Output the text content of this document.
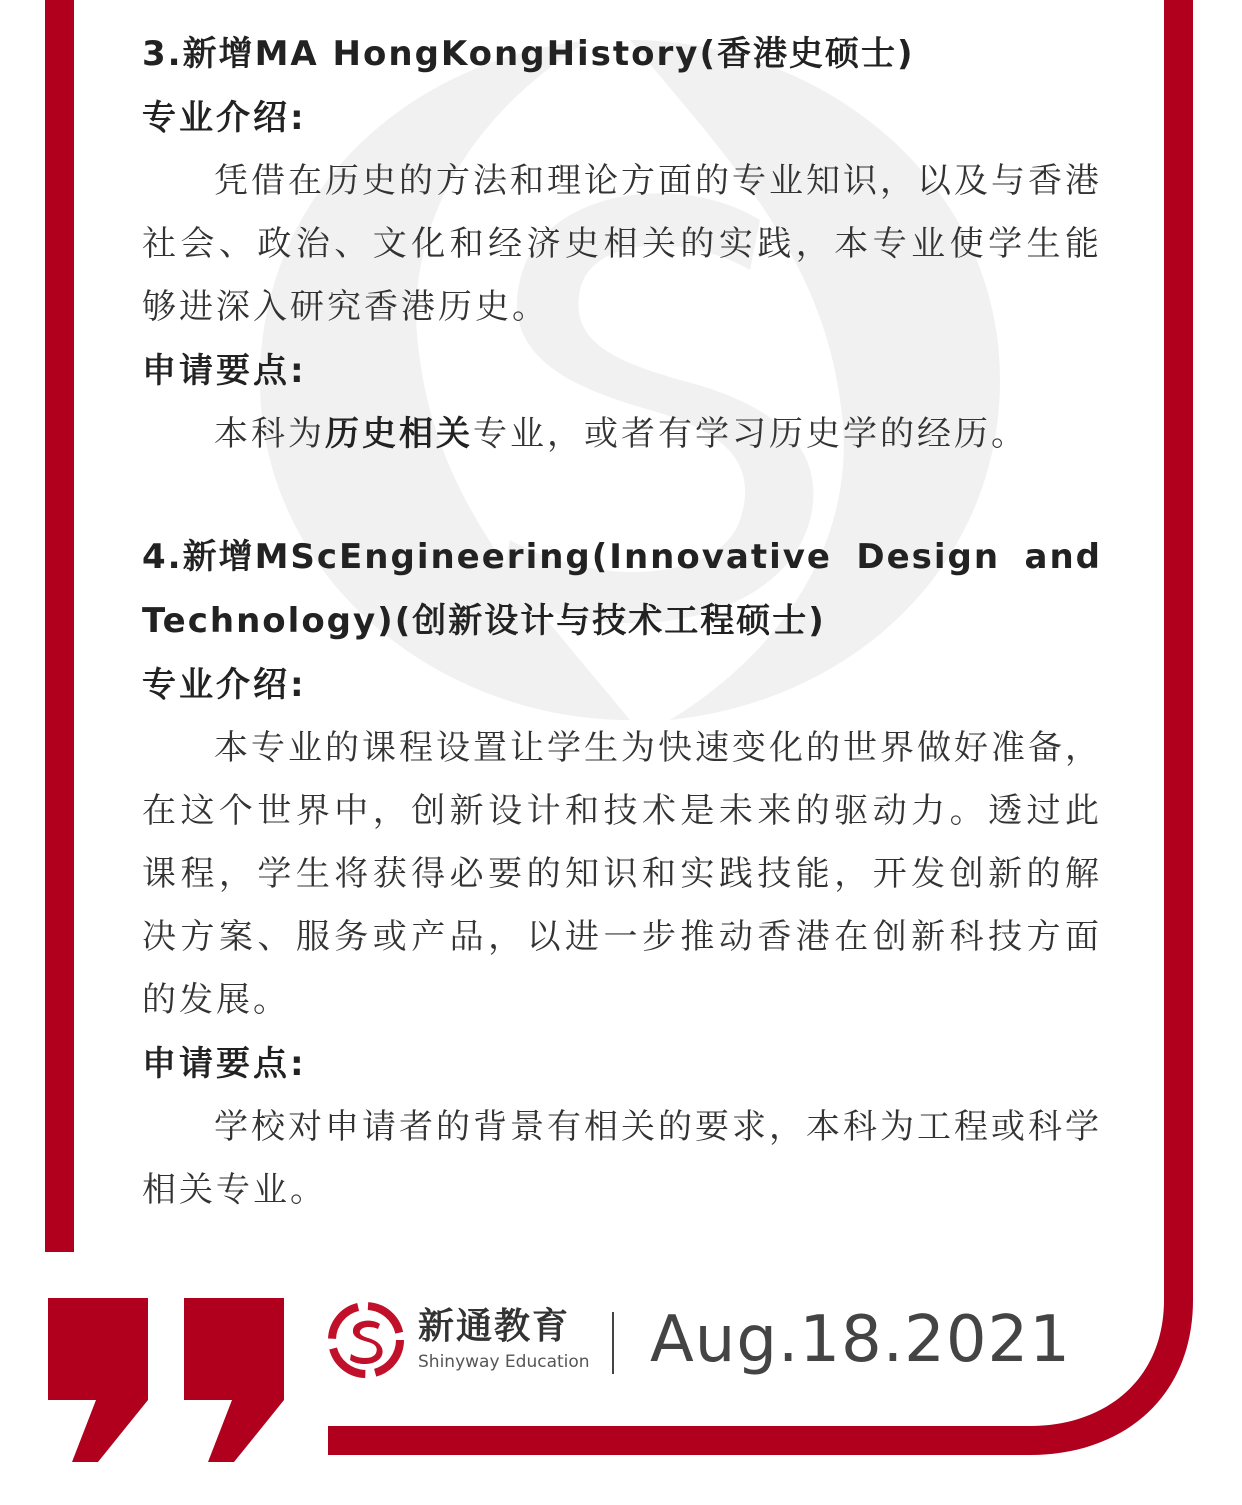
3.新增MA HongKongHistory(香港史硕士)

专业介绍:

凭借在历史的方法和理论方面的专业知识，以及与香港社会、政治、文化和经济史相关的实践，本专业使学生能够进深入研究香港历史。

申请要点:

本科为历史相关专业，或者有学习历史学的经历。

4.新增MScEngineering(Innovative Design and

Technology)(创新设计与技术工程硕士)

专业介绍:

本专业的课程设置让学生为快速变化的世界做好准备，在这个世界中，创新设计和技术是未来的驱动力。透过此课程，学生将获得必要的知识和实践技能，开发创新的解决方案、服务或产品，以进一步推动香港在创新科技方面的发展。

申请要点:

学校对申请者的背景有相关的要求，本科为工程或科学相关专业。

新通教育
Shinyway Education Aug.18.2021
